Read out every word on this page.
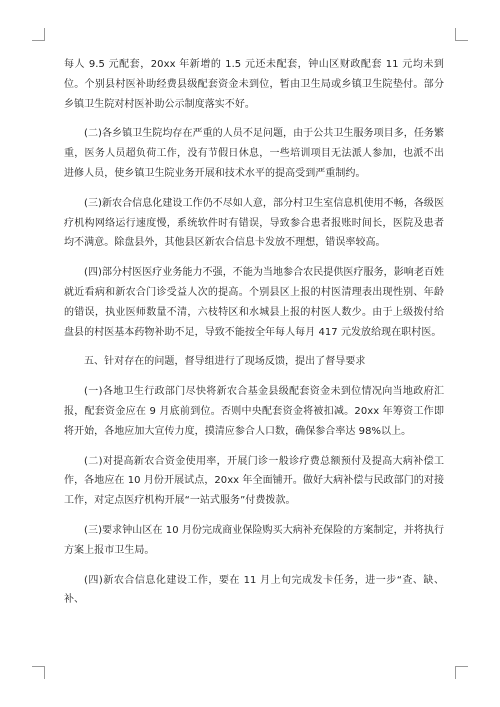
每人 9.5 元配套，20xx 年新增的 1.5 元还未配套，钟山区财政配套 11 元均未到位。个别县村医补助经费县级配套资金未到位，暂由卫生局或乡镇卫生院垫付。部分乡镇卫生院对村医补助公示制度落实不好。

(二)各乡镇卫生院均存在严重的人员不足问题，由于公共卫生服务项目多，任务繁重，医务人员超负荷工作，没有节假日休息，一些培训项目无法派人参加，也派不出进修人员，使乡镇卫生院业务开展和技术水平的提高受到严重制约。

(三)新农合信息化建设工作仍不尽如人意，部分村卫生室信息机使用不畅，各级医疗机构网络运行速度慢，系统软件时有错误，导致参合患者报账时间长，医院及患者均不满意。除盘县外，其他县区新农合信息卡发放不理想，错误率较高。

(四)部分村医医疗业务能力不强，不能为当地参合农民提供医疗服务，影响老百姓就近看病和新农合门诊受益人次的提高。个别县区上报的村医清理表出现性别、年龄的错误，执业医师数量不清，六枝特区和水城县上报的村医人数少。由于上级拨付给盘县的村医基本药物补助不足，导致不能按全年每人每月 417 元发放给现在职村医。

五、针对存在的问题，督导组进行了现场反馈，提出了督导要求

(一)各地卫生行政部门尽快将新农合基金县级配套资金未到位情况向当地政府汇报，配套资金应在 9 月底前到位。否则中央配套资金将被扣减。20xx 年筹资工作即将开始，各地应加大宣传力度，摸清应参合人口数，确保参合率达 98%以上。

(二)对提高新农合资金使用率，开展门诊一般诊疗费总额预付及提高大病补偿工作，各地应在 10 月份开展试点，20xx 年全面铺开。做好大病补偿与民政部门的对接工作，对定点医疗机构开展“一站式服务”付费拨款。

(三)要求钟山区在 10 月份完成商业保险购买大病补充保险的方案制定，并将执行方案上报市卫生局。

(四)新农合信息化建设工作，要在 11 月上旬完成发卡任务，进一步“查、缺、补、
